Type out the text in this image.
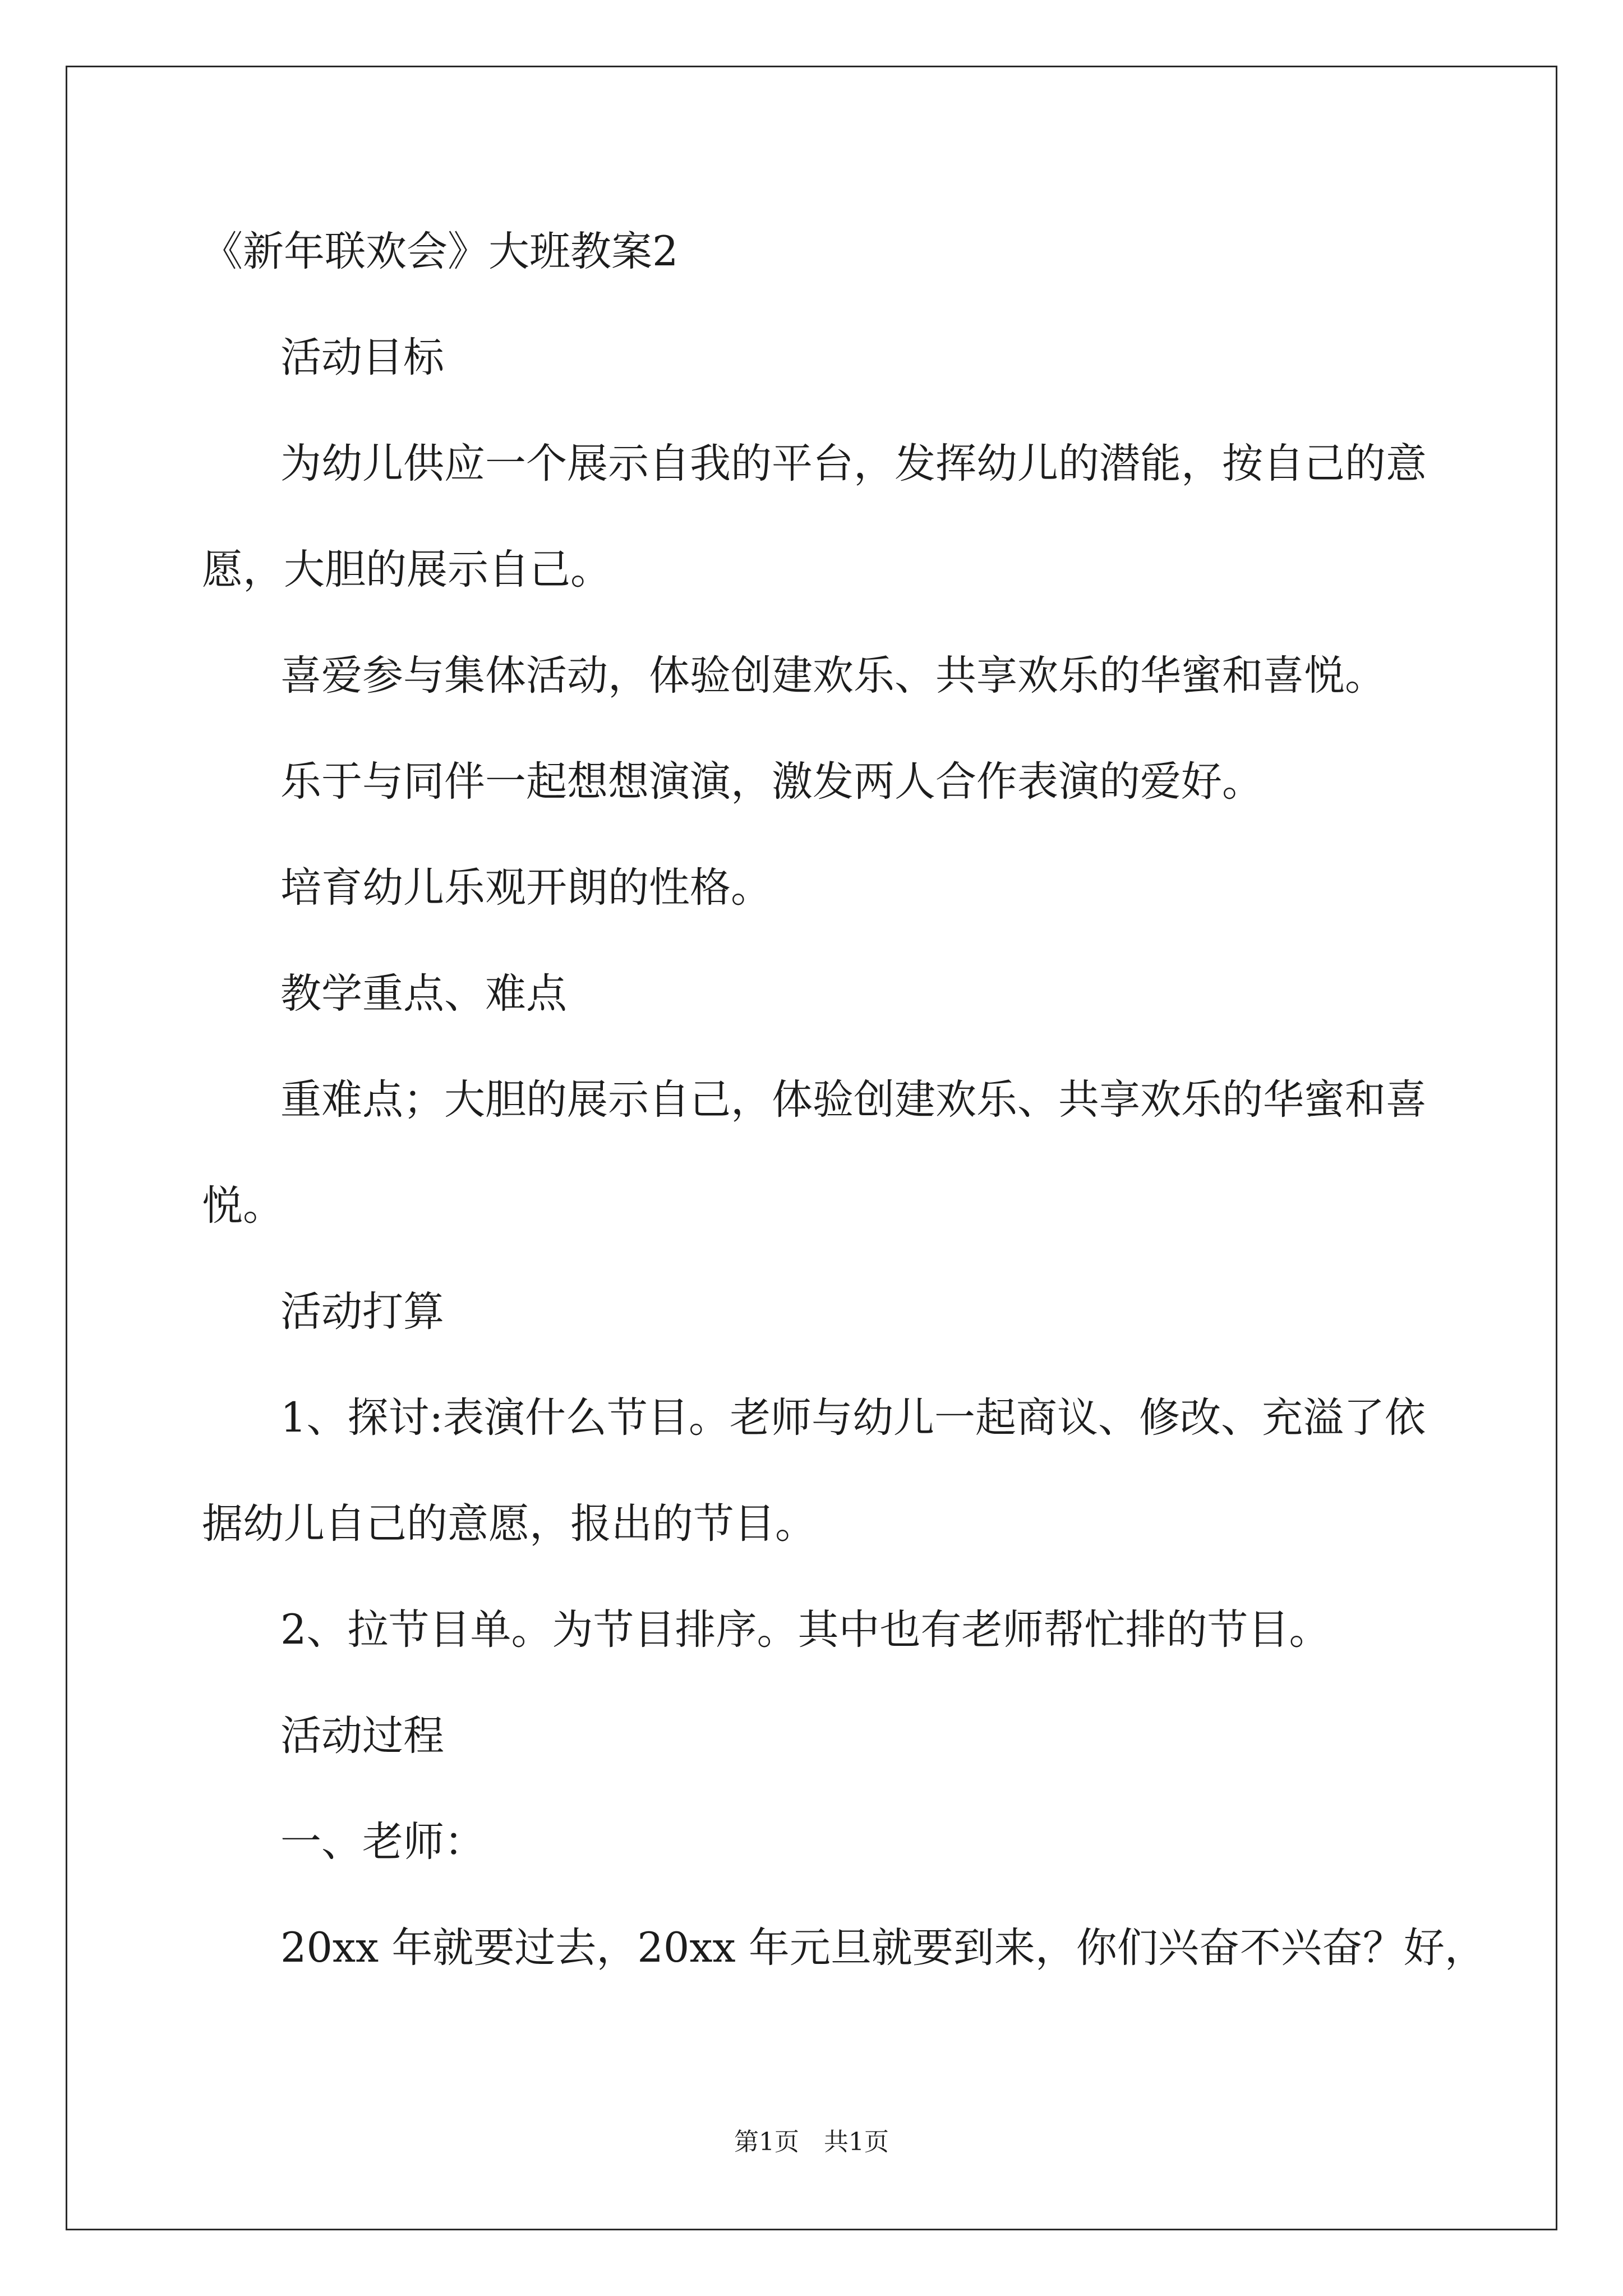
《新年联欢会》大班教案2
活动目标
为幼儿供应一个展示自我的平台，发挥幼儿的潜能，按自己的意
愿，大胆的展示自己。
喜爱参与集体活动，体验创建欢乐、共享欢乐的华蜜和喜悦。
乐于与同伴一起想想演演，激发两人合作表演的爱好。
培育幼儿乐观开朗的性格。
教学重点、难点
重难点；大胆的展示自己，体验创建欢乐、共享欢乐的华蜜和喜
悦。
活动打算
1、探讨:表演什么节目。老师与幼儿一起商议、修改、充溢了依
据幼儿自己的意愿，报出的节目。
2、拉节目单。为节目排序。其中也有老师帮忙排的节目。
活动过程
一、老师：
20xx 年就要过去，20xx 年元旦就要到来，你们兴奋不兴奋？好，
第1页　共1页
